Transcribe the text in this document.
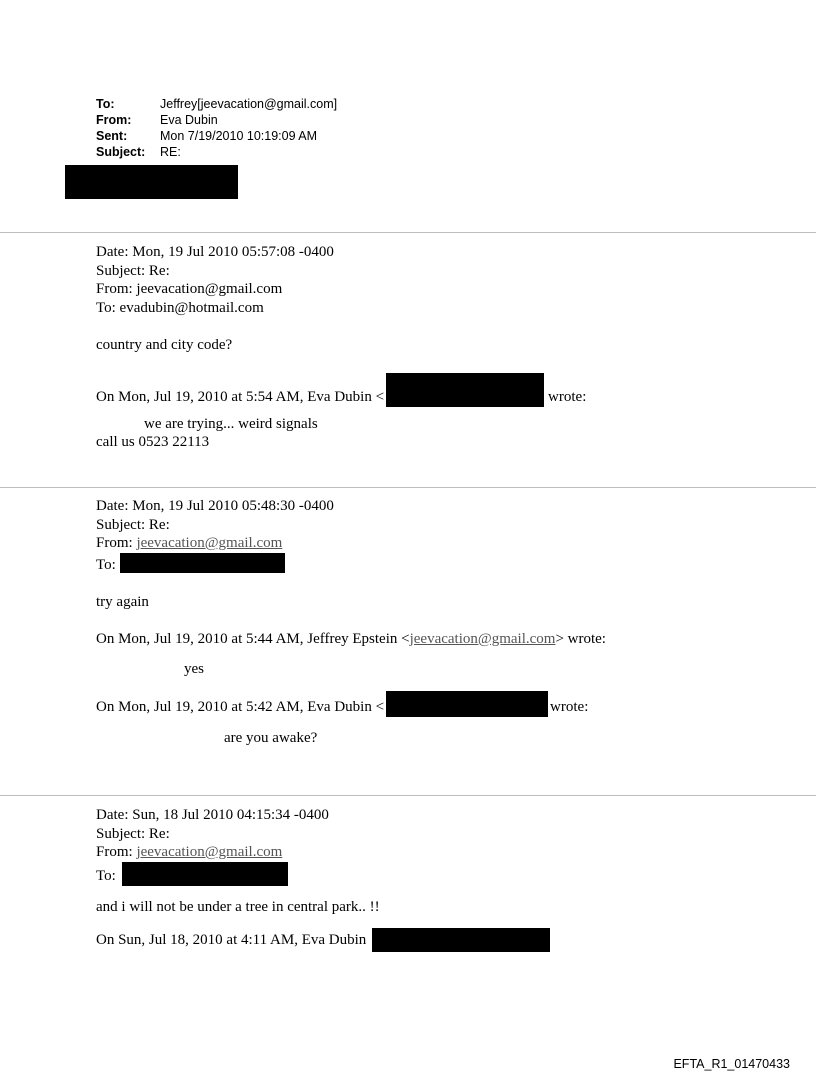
To:	Jeffrey[jeevacation@gmail.com]
From:	Eva Dubin
Sent:	Mon 7/19/2010 10:19:09 AM
Subject:	RE:

Date: Mon, 19 Jul 2010 05:57:08 -0400

Subject: Re:

From: jeevacation@gmail.com

To: evadubin@hotmail.com

country and city code?

On Mon, Jul 19, 2010 at 5:54 AM, Eva Dubin <	wrote:

we are trying... weird signals

call us 0523 22113

Date: Mon, 19 Jul 2010 05:48:30 -0400

Subject: Re:

From: jeevacation@gmail.com

To:

try again

On Mon, Jul 19, 2010 at 5:44 AM, Jeffrey Epstein <jeevacation@gmail.com> wrote:

yes

On Mon, Jul 19, 2010 at 5:42 AM, Eva Dubin <	wrote:

are you awake?

Date: Sun, 18 Jul 2010 04:15:34 -0400

Subject: Re:

From: jeevacation@gmail.com

To:

and i will not be under a tree in central park.. !!

On Sun, Jul 18, 2010 at 4:11 AM, Eva Dubin

EFTA_R1_01470433
